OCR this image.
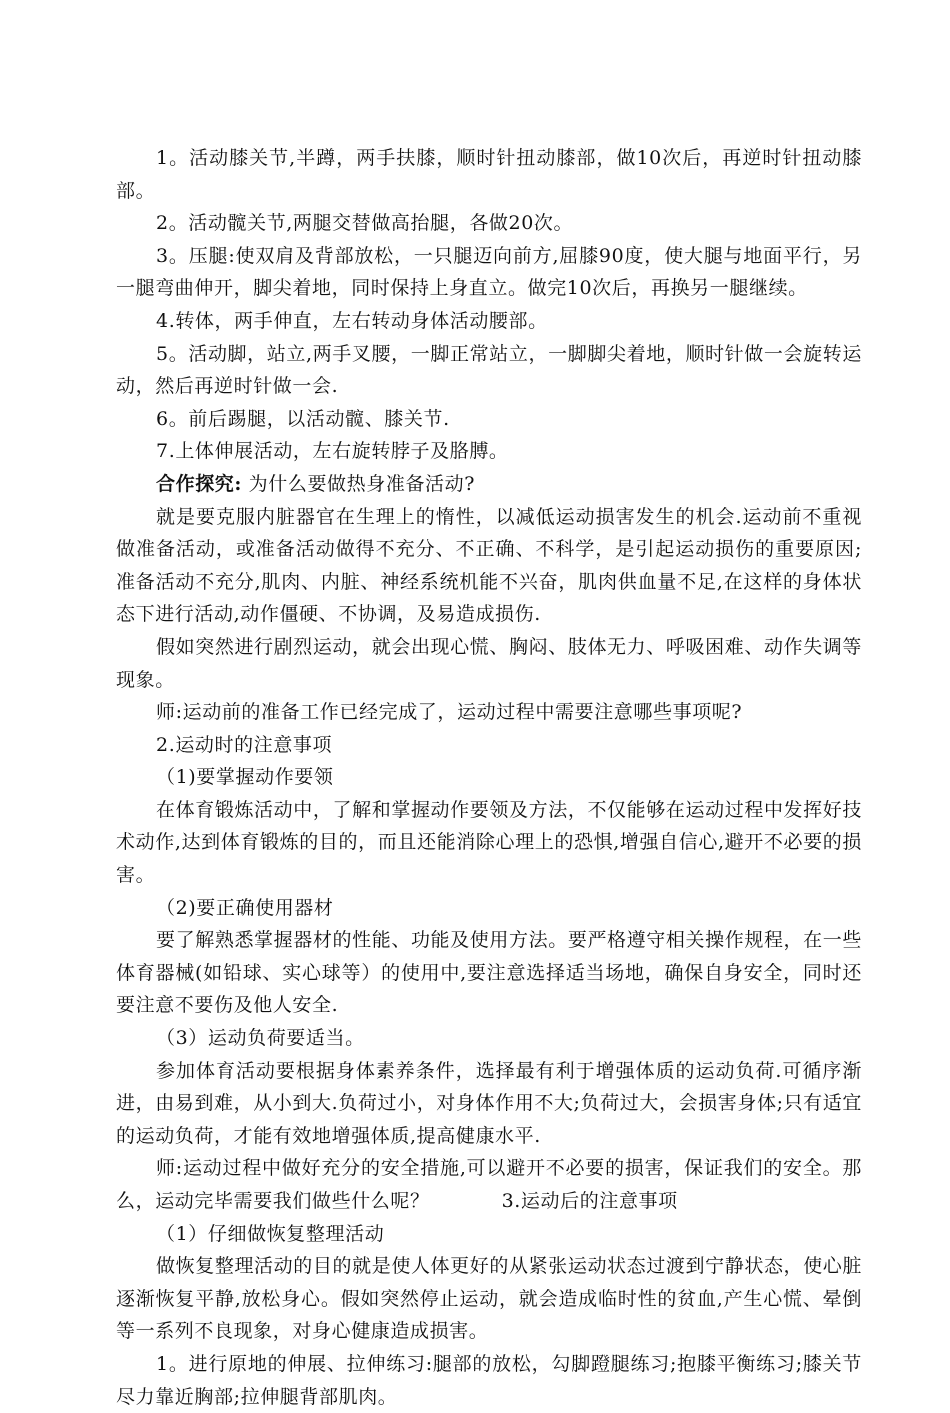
1。活动膝关节,半蹲，两手扶膝，顺时针扭动膝部，做10次后，再逆时针扭动膝部。

2。活动髋关节,两腿交替做高抬腿，各做20次。

3。压腿:使双肩及背部放松，一只腿迈向前方,屈膝90度，使大腿与地面平行，另一腿弯曲伸开，脚尖着地，同时保持上身直立。做完10次后，再换另一腿继续。

4.转体，两手伸直，左右转动身体活动腰部。

5。活动脚，站立,两手叉腰，一脚正常站立，一脚脚尖着地，顺时针做一会旋转运动，然后再逆时针做一会.

6。前后踢腿，以活动髋、膝关节.

7.上体伸展活动，左右旋转脖子及胳膊。

合作探究: 为什么要做热身准备活动?

就是要克服内脏器官在生理上的惰性，以减低运动损害发生的机会.运动前不重视做准备活动，或准备活动做得不充分、不正确、不科学，是引起运动损伤的重要原因;准备活动不充分,肌肉、内脏、神经系统机能不兴奋，肌肉供血量不足,在这样的身体状态下进行活动,动作僵硬、不协调，及易造成损伤.

假如突然进行剧烈运动，就会出现心慌、胸闷、肢体无力、呼吸困难、动作失调等现象。

师:运动前的准备工作已经完成了，运动过程中需要注意哪些事项呢?

2.运动时的注意事项

（1)要掌握动作要领

在体育锻炼活动中，了解和掌握动作要领及方法，不仅能够在运动过程中发挥好技术动作,达到体育锻炼的目的，而且还能消除心理上的恐惧,增强自信心,避开不必要的损害。

（2)要正确使用器材

要了解熟悉掌握器材的性能、功能及使用方法。要严格遵守相关操作规程，在一些体育器械(如铅球、实心球等）的使用中,要注意选择适当场地，确保自身安全，同时还要注意不要伤及他人安全.

（3）运动负荷要适当。

参加体育活动要根据身体素养条件，选择最有利于增强体质的运动负荷.可循序渐进，由易到难，从小到大.负荷过小，对身体作用不大;负荷过大，会损害身体;只有适宜的运动负荷，才能有效地增强体质,提高健康水平.

师:运动过程中做好充分的安全措施,可以避开不必要的损害，保证我们的安全。那么，运动完毕需要我们做些什么呢？	3.运动后的注意事项

（1）仔细做恢复整理活动

做恢复整理活动的目的就是使人体更好的从紧张运动状态过渡到宁静状态，使心脏逐渐恢复平静,放松身心。假如突然停止运动，就会造成临时性的贫血,产生心慌、晕倒等一系列不良现象，对身心健康造成损害。

1。进行原地的伸展、拉伸练习:腿部的放松，勾脚蹬腿练习;抱膝平衡练习;膝关节尽力靠近胸部;拉伸腿背部肌肉。
